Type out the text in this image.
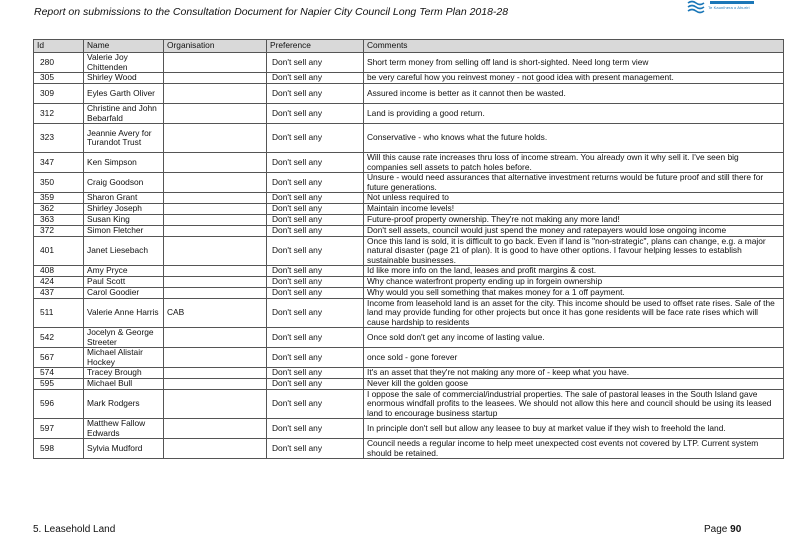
Report on submissions to the Consultation Document for Napier City Council Long Term Plan 2018-28	Te Kaunihera o Ahuriri
Id	Name	Organisation	Preference	Comments
280	Valerie Joy Chittenden		Don't sell any	Short term money from selling off land is short-sighted. Need long term view
305	Shirley Wood		Don't sell any	be very careful how you reinvest money - not good idea with present management.
309	Eyles Garth Oliver		Don't sell any	Assured income is better as it cannot then be wasted.
312	Christine and John Bebarfald		Don't sell any	Land is providing a good return.
323	Jeannie Avery for Turandot Trust		Don't sell any	Conservative - who knows what the future holds.
347	Ken Simpson		Don't sell any	Will this cause rate increases thru loss of income stream. You already own it why sell it. I've seen big companies sell assets to patch holes before.
350	Craig Goodson		Don't sell any	Unsure - would need assurances that alternative investment returns would be future proof and still there for future generations.
359	Sharon Grant		Don't sell any	Not unless required to
362	Shirley Joseph		Don't sell any	Maintain income levels!
363	Susan King		Don't sell any	Future-proof property ownership. They're not making any more land!
372	Simon Fletcher		Don't sell any	Don't sell assets, council would just spend the money and ratepayers would lose ongoing income
401	Janet Liesebach		Don't sell any	Once this land is sold, it is difficult to go back. Even if land is "non-strategic", plans can change, e.g. a major natural disaster (page 21 of plan). It is good to have other options. I favour helping lesses to establish sustainable businesses.
408	Amy Pryce		Don't sell any	Id like more info on the land, leases and profit margins & cost.
424	Paul Scott		Don't sell any	Why chance waterfront property ending up in forgein ownership
437	Carol Goodier		Don't sell any	Why would you sell something that makes money for a 1 off payment.
511	Valerie Anne Harris	CAB	Don't sell any	Income from leasehold land is an asset for the city. This income should be used to offset rate rises. Sale of the land may provide funding for other projects but once it has gone residents will be face rate rises which will cause hardship to residents
542	Jocelyn & George Streeter		Don't sell any	Once sold don't get any income of lasting value.
567	Michael Alistair Hockey		Don't sell any	once sold - gone forever
574	Tracey Brough		Don't sell any	It's an asset that they're not making any more of - keep what you have.
595	Michael Bull		Don't sell any	Never kill the golden goose
596	Mark Rodgers		Don't sell any	I oppose the sale of commercial/industrial properties. The sale of pastoral leases in the South Island gave enormous windfall profits to the leasees. We should not allow this here and council should be using its leased land to encourage business startup
597	Matthew Fallow Edwards		Don't sell any	In principle don't sell but allow any leasee to buy at market value if they wish to freehold the land.
598	Sylvia Mudford		Don't sell any	Council needs a regular income to help meet unexpected cost events not covered by LTP. Current system should be retained.
5. Leasehold Land	Page 90
